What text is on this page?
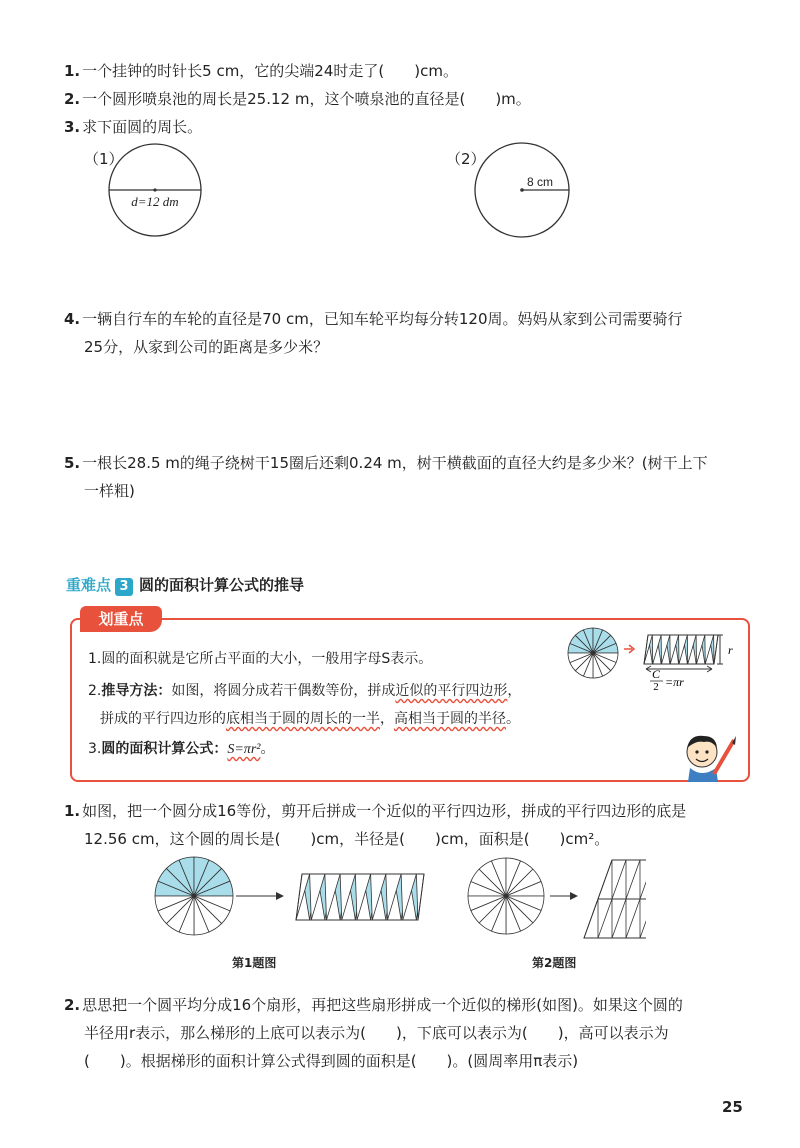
1. 一个挂钟的时针长5 cm，它的尖端24时走了(　　)cm。
2. 一个圆形喷泉池的周长是25.12 m，这个喷泉池的直径是(　　)m。
3. 求下面圆的周长。
（1）
d=12 dm
（2）
8 cm
4. 一辆自行车的车轮的直径是70 cm，已知车轮平均每分转120周。妈妈从家到公司需要骑行
25分，从家到公司的距离是多少米？
5. 一根长28.5 m的绳子绕树干15圈后还剩0.24 m，树干横截面的直径大约是多少米？(树干上下
一样粗)
重难点 3 圆的面积计算公式的推导
划重点
1.圆的面积就是它所占平面的大小，一般用字母S表示。
2.推导方法：如图，将圆分成若干偶数等份，拼成近似的平行四边形，
拼成的平行四边形的底相当于圆的周长的一半，高相当于圆的半径。
3.圆的面积计算公式：S=πr²。
r
C
2 =πr
1. 如图，把一个圆分成16等份，剪开后拼成一个近似的平行四边形，拼成的平行四边形的底是
12.56 cm，这个圆的周长是(　　)cm，半径是(　　)cm，面积是(　　)cm²。
第1题图	第2题图
2. 思思把一个圆平均分成16个扇形，再把这些扇形拼成一个近似的梯形(如图)。如果这个圆的
半径用r表示，那么梯形的上底可以表示为(　　)，下底可以表示为(　　)，高可以表示为
(　　)。根据梯形的面积计算公式得到圆的面积是(　　)。(圆周率用π表示)
25
